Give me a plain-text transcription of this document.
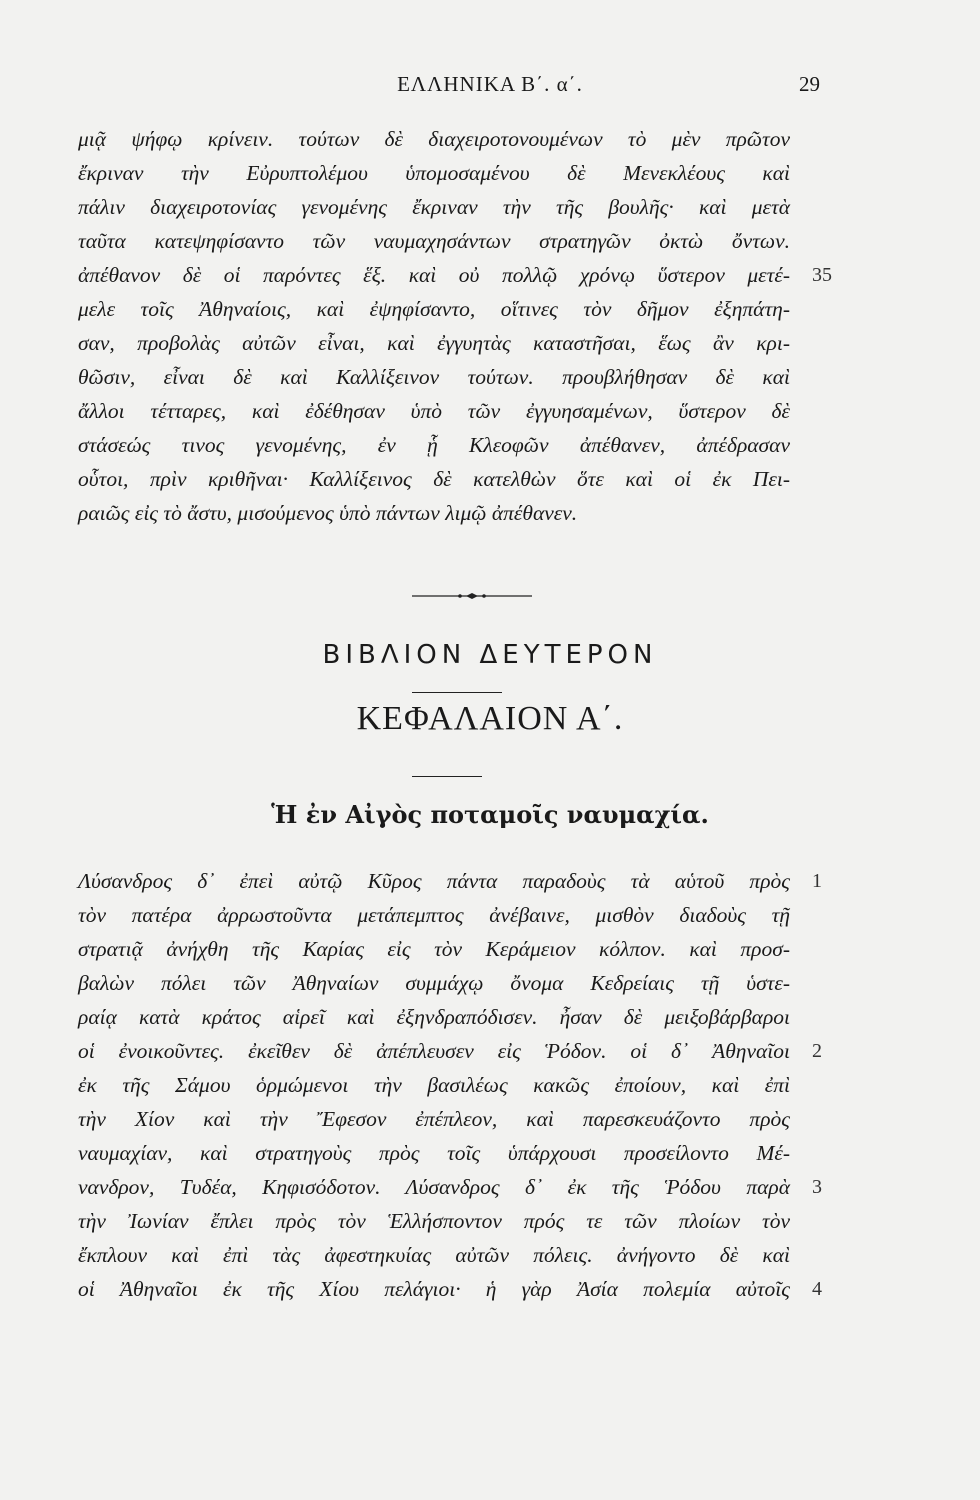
ΕΛΛΗΝΙΚΑ Β΄. α΄.	29
μιᾷ ψήφῳ κρίνειν. τούτων δὲ διαχειροτονουμένων τὸ μὲν πρῶτον
ἔκριναν τὴν Εὐρυπτολέμου ὑπομοσαμένου δὲ Μενεκλέους καὶ
πάλιν διαχειροτονίας γενομένης ἔκριναν τὴν τῆς βουλῆς· καὶ μετὰ
ταῦτα κατεψηφίσαντο τῶν ναυμαχησάντων στρατηγῶν ὀκτὼ ὄντων.
ἀπέθανον δὲ οἱ παρόντες ἕξ. καὶ οὐ πολλῷ χρόνῳ ὕστερον μετέ- 35
μελε τοῖς Ἀθηναίοις, καὶ ἐψηφίσαντο, οἵτινες τὸν δῆμον ἐξηπάτη-
σαν, προβολὰς αὐτῶν εἶναι, καὶ ἐγγυητὰς καταστῆσαι, ἕως ἂν κρι-
θῶσιν, εἶναι δὲ καὶ Καλλίξεινον τούτων. προυβλήθησαν δὲ καὶ
ἄλλοι τέτταρες, καὶ ἐδέθησαν ὑπὸ τῶν ἐγγυησαμένων, ὕστερον δὲ
στάσεώς τινος γενομένης, ἐν ᾗ Κλεοφῶν ἀπέθανεν, ἀπέδρασαν
οὗτοι, πρὶν κριθῆναι· Καλλίξεινος δὲ κατελθὼν ὅτε καὶ οἱ ἐκ Πει-
ραιῶς εἰς τὸ ἄστυ, μισούμενος ὑπὸ πάντων λιμῷ ἀπέθανεν.
ΒΙΒΛΙΟΝ ΔΕΥΤΕΡΟΝ
ΚΕΦΑΛΑΙΟΝ Α΄.
Ἡ ἐν Αἰγὸς ποταμοῖς ναυμαχία.
Λύσανδρος δ᾽ ἐπεὶ αὐτῷ Κῦρος πάντα παραδοὺς τὰ αὑτοῦ πρὸς 1
τὸν πατέρα ἀρρωστοῦντα μετάπεμπτος ἀνέβαινε, μισθὸν διαδοὺς τῇ
στρατιᾷ ἀνήχθη τῆς Καρίας εἰς τὸν Κεράμειον κόλπον. καὶ προσ-
βαλὼν πόλει τῶν Ἀθηναίων συμμάχῳ ὄνομα Κεδρείαις τῇ ὑστε-
ραίᾳ κατὰ κράτος αἱρεῖ καὶ ἐξηνδραπόδισεν. ἦσαν δὲ μειξοβάρβαροι
οἱ ἐνοικοῦντες. ἐκεῖθεν δὲ ἀπέπλευσεν εἰς Ῥόδον. οἱ δ᾽ Ἀθηναῖοι 2
ἐκ τῆς Σάμου ὁρμώμενοι τὴν βασιλέως κακῶς ἐποίουν, καὶ ἐπὶ
τὴν Χίον καὶ τὴν Ἔφεσον ἐπέπλεον, καὶ παρεσκευάζοντο πρὸς
ναυμαχίαν, καὶ στρατηγοὺς πρὸς τοῖς ὑπάρχουσι προσείλοντο Μέ-
νανδρον, Τυδέα, Κηφισόδοτον. Λύσανδρος δ᾽ ἐκ τῆς Ῥόδου παρὰ 3
τὴν Ἰωνίαν ἔπλει πρὸς τὸν Ἑλλήσποντον πρός τε τῶν πλοίων τὸν
ἔκπλουν καὶ ἐπὶ τὰς ἀφεστηκυίας αὐτῶν πόλεις. ἀνήγοντο δὲ καὶ
οἱ Ἀθηναῖοι ἐκ τῆς Χίου πελάγιοι· ἡ γὰρ Ἀσία πολεμία αὐτοῖς 4
